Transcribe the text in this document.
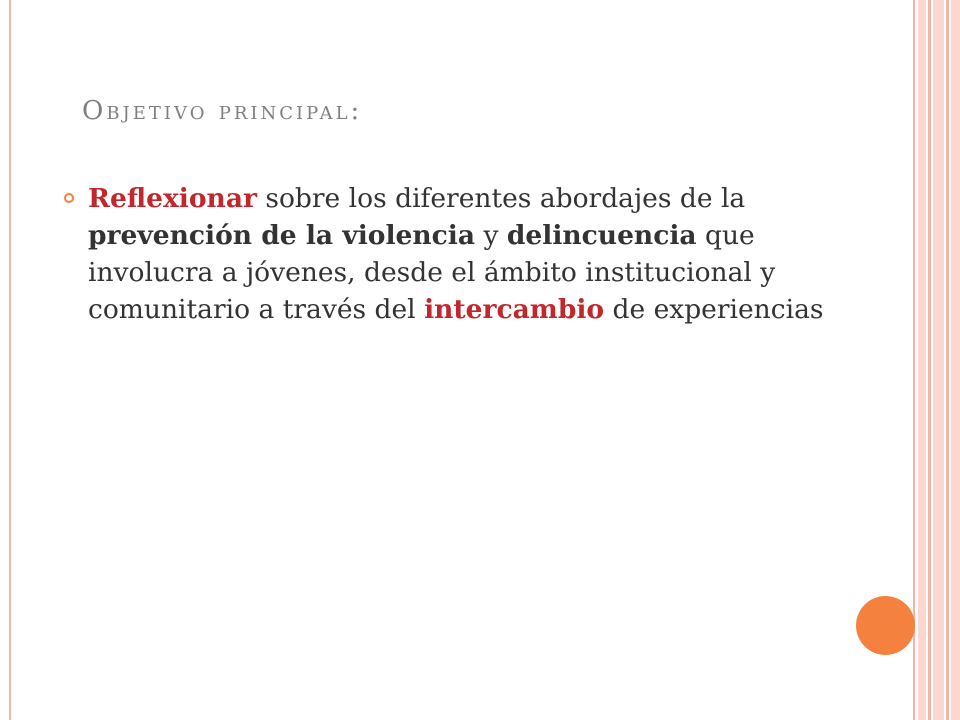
Objetivo principal:

Reflexionar sobre los diferentes abordajes de la prevención de la violencia y delincuencia que involucra a jóvenes, desde el ámbito institucional y comunitario a través del intercambio de experiencias
